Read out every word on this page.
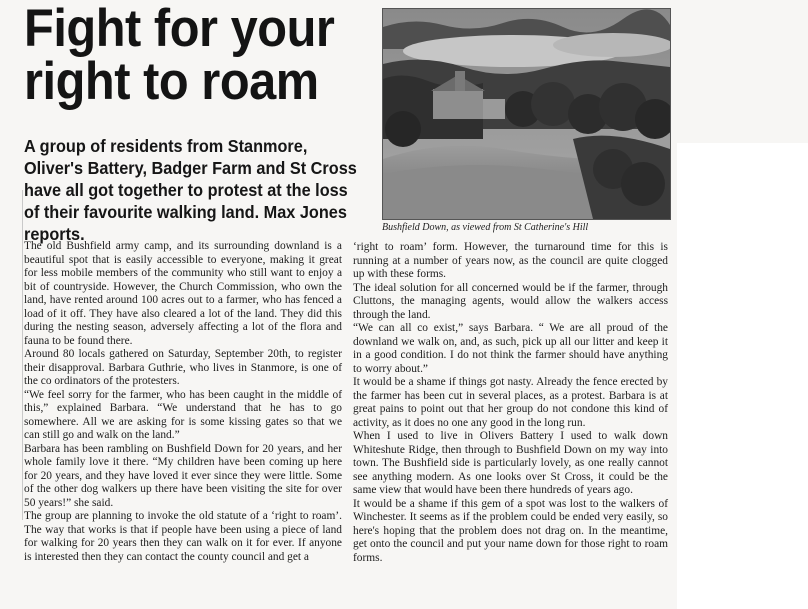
Fight for your
right to roam
A group of residents from Stanmore, Oliver's Battery, Badger Farm and St Cross have all got together to protest at the loss of their favourite walking land. Max Jones reports.	Bushfield Down, as viewed from St Catherine's Hill

The old Bushfield army camp, and its surrounding downland is a beautiful spot that is easily accessible to everyone, making it great for less mobile members of the community who still want to enjoy a bit of countryside. However, the Church Commission, who own the land, have rented around 100 acres out to a farmer, who has fenced a load of it off. They have also cleared a lot of the land. They did this during the nesting season, adversely affecting a lot of the flora and fauna to be found there.

Around 80 locals gathered on Saturday, September 20th, to register their disapproval. Barbara Guthrie, who lives in Stanmore, is one of the co ordinators of the protesters.

“We feel sorry for the farmer, who has been caught in the middle of this,” explained Barbara. “We understand that he has to go somewhere. All we are asking for is some kissing gates so that we can still go and walk on the land.”

Barbara has been rambling on Bushfield Down for 20 years, and her whole family love it there. “My children have been coming up here for 20 years, and they have loved it ever since they were little. Some of the other dog walkers up there have been visiting the site for over 50 years!” she said.

The group are planning to invoke the old statute of a ‘right to roam’. The way that works is that if people have been using a piece of land for walking for 20 years then they can walk on it for ever. If anyone is interested then they can contact the county council and get a

‘right to roam’ form. However, the turnaround time for this is running at a number of years now, as the council are quite clogged up with these forms.

The ideal solution for all concerned would be if the farmer, through Cluttons, the managing agents, would allow the walkers access through the land.

“We can all co exist,” says Barbara. “ We are all proud of the downland we walk on, and, as such, pick up all our litter and keep it in a good condition. I do not think the farmer should have anything to worry about.”

It would be a shame if things got nasty. Already the fence erected by the farmer has been cut in several places, as a protest. Barbara is at great pains to point out that her group do not condone this kind of activity, as it does no one any good in the long run.

When I used to live in Olivers Battery I used to walk down Whiteshute Ridge, then through to Bushfield Down on my way into town. The Bushfield side is particularly lovely, as one really cannot see anything modern. As one looks over St Cross, it could be the same view that would have been there hundreds of years ago.

It would be a shame if this gem of a spot was lost to the walkers of Winchester. It seems as if the problem could be ended very easily, so here's hoping that the problem does not drag on. In the meantime, get onto the council and put your name down for those right to roam forms.
